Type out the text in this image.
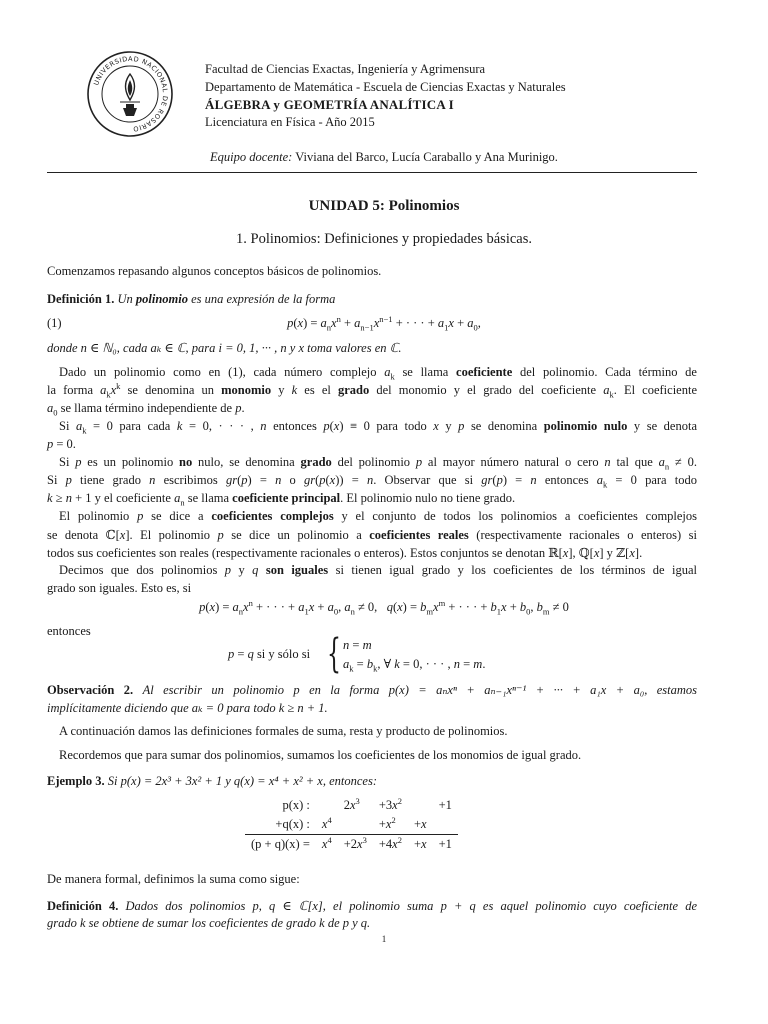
UNIVERSIDAD NACIONAL DE ROSARIO
Facultad de Ciencias Exactas, Ingeniería y Agrimensura
Departamento de Matemática - Escuela de Ciencias Exactas y Naturales
ÁLGEBRA y GEOMETRÍA ANALÍTICA I
Licenciatura en Física - Año 2015
Equipo docente: Viviana del Barco, Lucía Caraballo y Ana Murinigo.
UNIDAD 5: Polinomios
1. Polinomios: Definiciones y propiedades básicas.
Comenzamos repasando algunos conceptos básicos de polinomios.
Definición 1. Un polinomio es una expresión de la forma
(1)	$p(x) = a_nx^n + a_{n-1}x^{n-1}$ + · · · + $a_1x + a_0$,
donde n ∈ ℕ₀, cada aₖ ∈ ℂ, para i = 0, 1, ··· , n y x toma valores en ℂ.
Dado un polinomio como en (1), cada número complejo $a_k$ se llama coeficiente del polinomio. Cada término de
la forma $a_kx^k$ se denomina un monomio y k es el grado del monomio y el grado del coeficiente $a_k$. El coeficiente
$a_0$ se llama término independiente de p.
Si $a_k = 0$ para cada k = 0, · · · , n entonces p(x) ≡ 0 para todo x y p se denomina polinomio nulo y se denota
p = 0.
Si p es un polinomio no nulo, se denomina grado del polinomio p al mayor número natural o cero n tal que $a_n \ne 0$.
Si p tiene grado n escribimos gr(p) = n o gr(p(x)) = n. Observar que si gr(p) = n entonces $a_k = 0$ para todo
k ≥ n + 1 y el coeficiente $a_n$ se llama coeficiente principal. El polinomio nulo no tiene grado.
El polinomio p se dice a coeficientes complejos y el conjunto de todos los polinomios a coeficientes complejos
se denota ℂ[x]. El polinomio p se dice un polinomio a coeficientes reales (respectivamente racionales o enteros) si
todos sus coeficientes son reales (respectivamente racionales o enteros). Estos conjuntos se denotan ℝ[x], ℚ[x] y ℤ[x].
Decimos que dos polinomios p y q son iguales si tienen igual grado y los coeficientes de los términos de igual
grado son iguales. Esto es, si
$p(x) = a_nx^n$ + · · · + $a_1x + a_0$, $a_n \ne 0$,   $q(x) = b_mx^m$ + · · · + $b_1x + b_0$, $b_m \ne 0$
entonces
p = q si y sólo si { n = m
$a_k = b_k$, ∀ k = 0, · · · , n = m.
Observación 2. Al escribir un polinomio p en la forma p(x) = aₙxⁿ + aₙ₋₁xⁿ⁻¹ + ··· + a₁x + a₀, estamos
implícitamente diciendo que aₖ = 0 para todo k ≥ n + 1.
A continuación damos las definiciones formales de suma, resta y producto de polinomios.
Recordemos que para sumar dos polinomios, sumamos los coeficientes de los monomios de igual grado.
Ejemplo 3. Si p(x) = 2x³ + 3x² + 1 y q(x) = x⁴ + x² + x, entonces:
p(x) :		$2x^3$	$+3x^2$		+1
+q(x) :	$x^4$		$+x^2$	+x	
(p + q)(x) =	$x^4$	$+2x^3$	$+4x^2$	+x	+1
De manera formal, definimos la suma como sigue:
Definición 4. Dados dos polinomios p, q ∈ ℂ[x], el polinomio suma p + q es aquel polinomio cuyo coeficiente de
grado k se obtiene de sumar los coeficientes de grado k de p y q.
1
